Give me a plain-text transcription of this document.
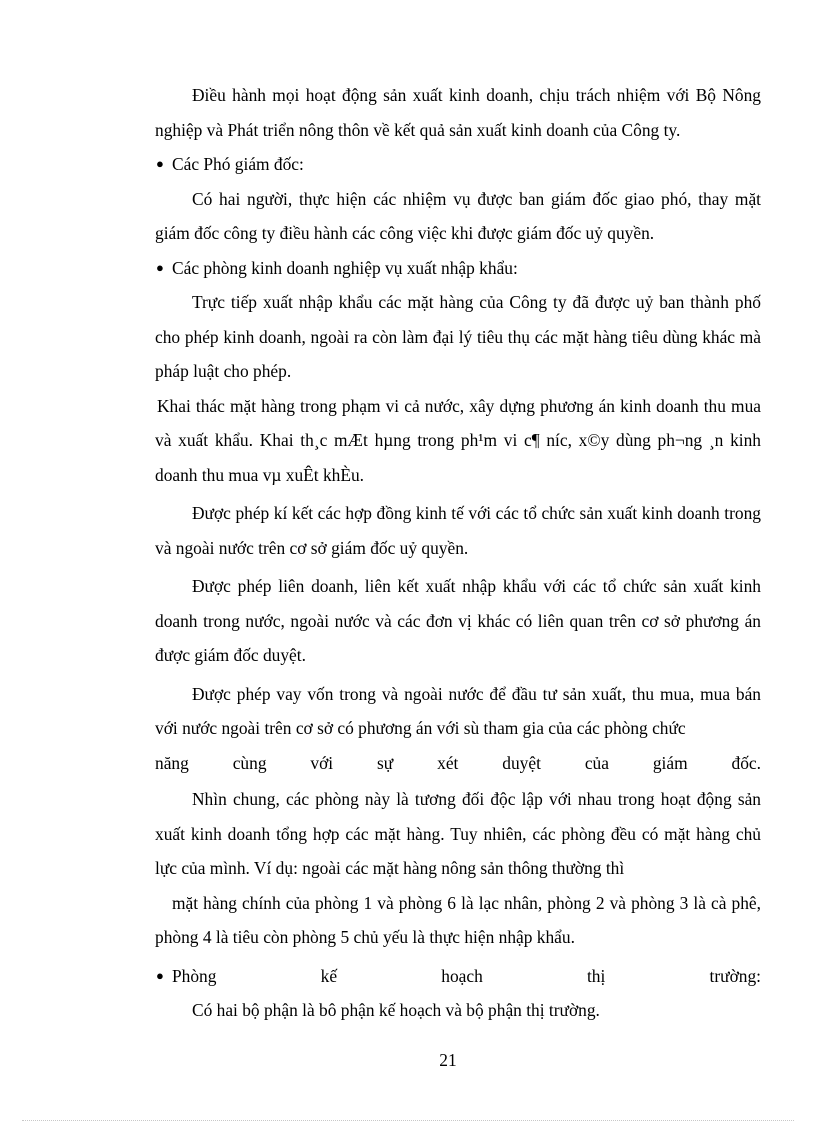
Điều hành mọi hoạt động sản xuất kinh doanh, chịu trách nhiệm với Bộ Nông nghiệp và Phát triển nông thôn về kết quả sản xuất kinh doanh của Công ty.

● Các Phó giám đốc:

Có hai người, thực hiện các nhiệm vụ được ban giám đốc giao phó, thay mặt giám đốc công ty điều hành các công việc khi được giám đốc uỷ quyền.

● Các phòng kinh doanh nghiệp vụ xuất nhập khẩu:

Trực tiếp xuất nhập khẩu các mặt hàng của Công ty đã được uỷ ban thành phố cho phép kinh doanh, ngoài ra còn làm đại lý tiêu thụ các mặt hàng tiêu dùng khác mà pháp luật cho phép.

Khai thác mặt hàng trong phạm vi cả nước, xây dựng phương án kinh doanh thu mua và xuất khẩu. Khai th¸c mÆt hµng trong ph¹m vi c¶ níc, x©y dùng ph¬ng ¸n kinh doanh thu mua vµ xuÊt khÈu.

Được phép kí kết các hợp đồng kinh tế với các tổ chức sản xuất kinh doanh trong và ngoài nước trên cơ sở giám đốc uỷ quyền.

Được phép liên doanh, liên kết xuất nhập khẩu với các tổ chức sản xuất kinh doanh trong nước, ngoài nước và các đơn vị khác có liên quan trên cơ sở phương án được giám đốc duyệt.

Được phép vay vốn trong và ngoài nước để đầu tư sản xuất, thu mua, mua bán với nước ngoài trên cơ sở có phương án với sù tham gia của các phòng chức

năng cùng với sự xét duyệt của giám đốc.

Nhìn chung, các phòng này là tương đối độc lập với nhau trong hoạt động sản xuất kinh doanh tổng hợp các mặt hàng. Tuy nhiên, các phòng đều có mặt hàng chủ lực của mình. Ví dụ: ngoài các mặt hàng nông sản thông thường thì

mặt hàng chính của phòng 1 và phòng 6 là lạc nhân, phòng 2 và phòng 3 là cà phê, phòng 4 là tiêu còn phòng 5 chủ yếu là thực hiện nhập khẩu.

● Phòng kế hoạch thị trường:

Có hai bộ phận là bô phận kế hoạch và bộ phận thị trường.

21
